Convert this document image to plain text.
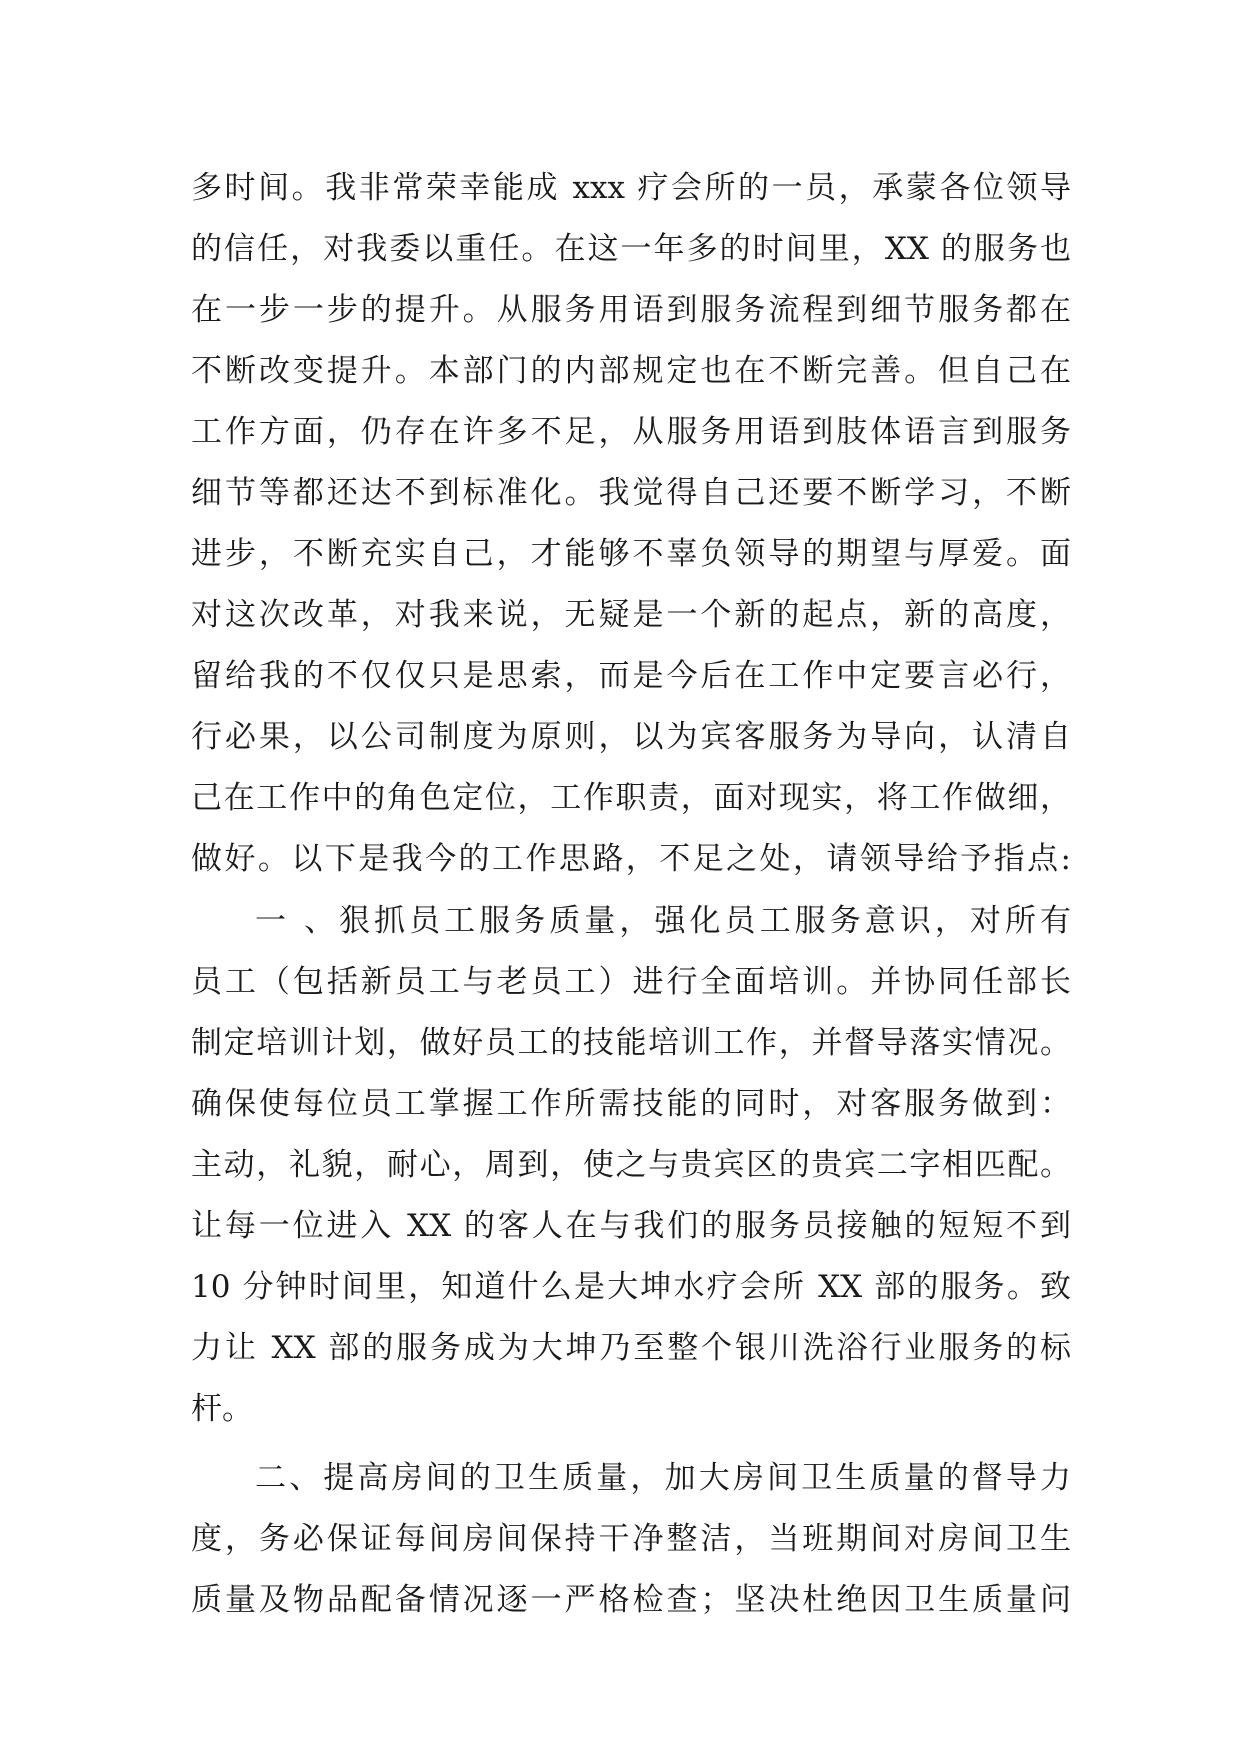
多时间。我非常荣幸能成 xxx 疗会所的一员，承蒙各位领导
的信任，对我委以重任。在这一年多的时间里，XX 的服务也
在一步一步的提升。从服务用语到服务流程到细节服务都在
不断改变提升。本部门的内部规定也在不断完善。但自己在
工作方面，仍存在许多不足，从服务用语到肢体语言到服务
细节等都还达不到标准化。我觉得自己还要不断学习，不断
进步，不断充实自己，才能够不辜负领导的期望与厚爱。面
对这次改革，对我来说，无疑是一个新的起点，新的高度，
留给我的不仅仅只是思索，而是今后在工作中定要言必行，
行必果，以公司制度为原则，以为宾客服务为导向，认清自
己在工作中的角色定位，工作职责，面对现实，将工作做细，
做好。以下是我今的工作思路，不足之处，请领导给予指点:
一 、狠抓员工服务质量，强化员工服务意识，对所有
员工（包括新员工与老员工）进行全面培训。并协同任部长
制定培训计划，做好员工的技能培训工作，并督导落实情况。
确保使每位员工掌握工作所需技能的同时，对客服务做到：
主动，礼貌，耐心，周到，使之与贵宾区的贵宾二字相匹配。
让每一位进入 XX 的客人在与我们的服务员接触的短短不到
10 分钟时间里，知道什么是大坤水疗会所 XX 部的服务。致
力让 XX 部的服务成为大坤乃至整个银川洗浴行业服务的标
杆。
二、提高房间的卫生质量，加大房间卫生质量的督导力
度，务必保证每间房间保持干净整洁，当班期间对房间卫生
质量及物品配备情况逐一严格检查；坚决杜绝因卫生质量问
